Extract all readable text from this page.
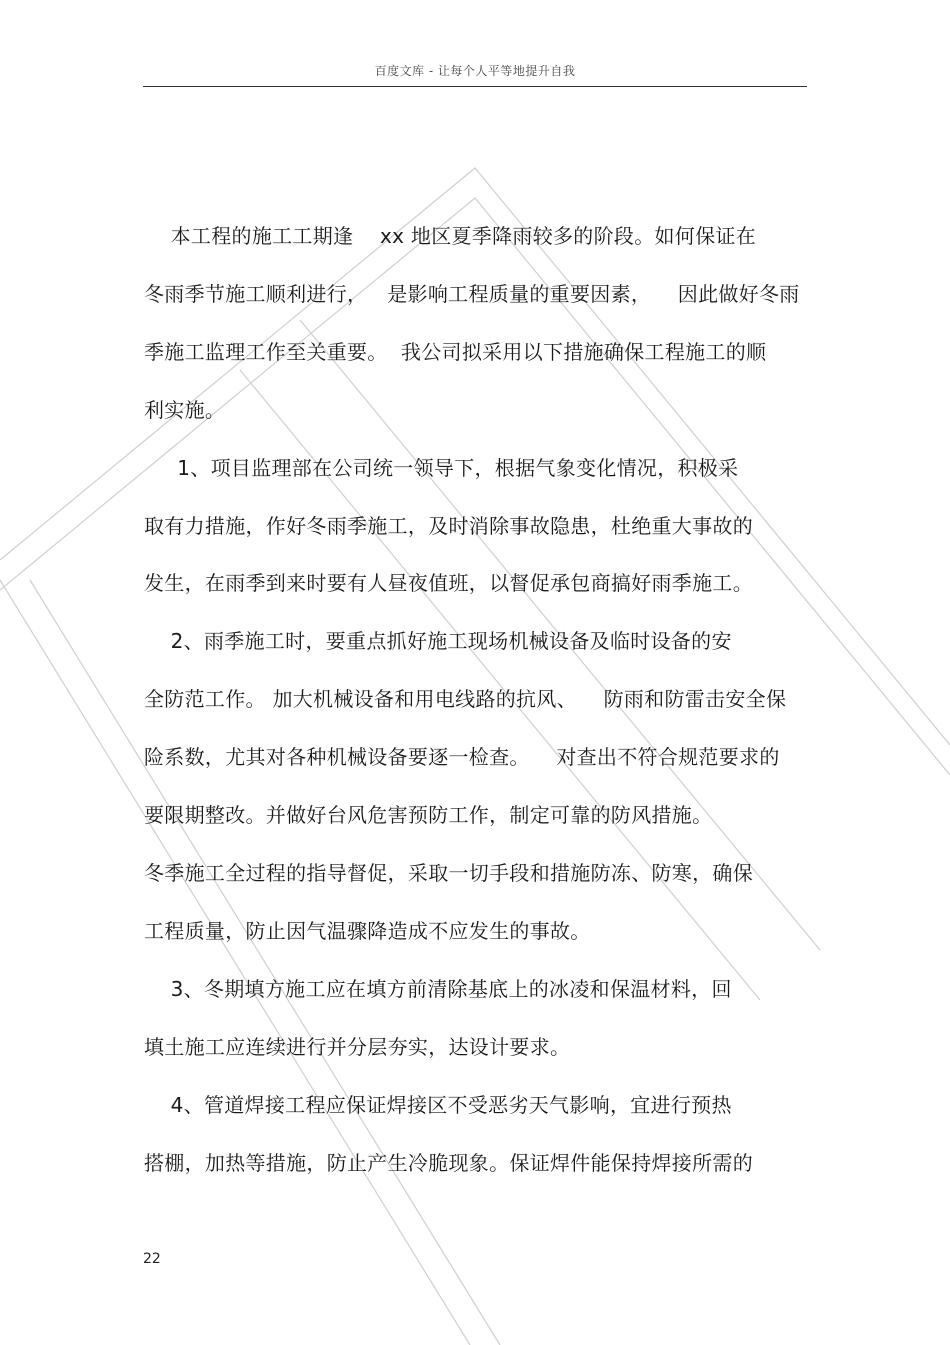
百度文库 - 让每个人平等地提升自我
本工程的施工工期逢    xx 地区夏季降雨较多的阶段。如何保证在
冬雨季节施工顺利进行，   是影响工程质量的重要因素，    因此做好冬雨
季施工监理工作至关重要。  我公司拟采用以下措施确保工程施工的顺
利实施。
1、项目监理部在公司统一领导下，根据气象变化情况，积极采
取有力措施，作好冬雨季施工，及时消除事故隐患，杜绝重大事故的
发生，在雨季到来时要有人昼夜值班，以督促承包商搞好雨季施工。
2、雨季施工时，要重点抓好施工现场机械设备及临时设备的安
全防范工作。 加大机械设备和用电线路的抗风、    防雨和防雷击安全保
险系数，尤其对各种机械设备要逐一检查。    对查出不符合规范要求的
要限期整改。并做好台风危害预防工作，制定可靠的防风措施。
冬季施工全过程的指导督促，采取一切手段和措施防冻、防寒，确保
工程质量，防止因气温骤降造成不应发生的事故。
3、冬期填方施工应在填方前清除基底上的冰凌和保温材料，回
填土施工应连续进行并分层夯实，达设计要求。
4、管道焊接工程应保证焊接区不受恶劣天气影响，宜进行预热
搭棚，加热等措施，防止产生冷脆现象。保证焊件能保持焊接所需的
22
